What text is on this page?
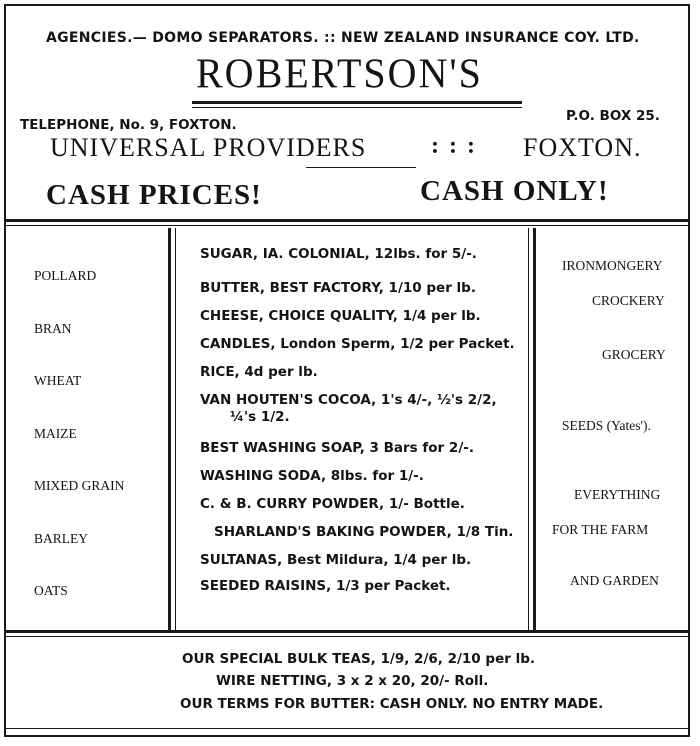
AGENCIES.— DOMO SEPARATORS. :: NEW ZEALAND INSURANCE COY. LTD.
ROBERTSON'S
TELEPHONE, No. 9, FOXTON.
P.O. BOX 25.
UNIVERSAL PROVIDERS	: : : FOXTON.
CASH PRICES!	CASH ONLY!
POLLARD
BRAN
WHEAT
MAIZE
MIXED GRAIN
BARLEY
OATS
SUGAR, IA. COLONIAL, 12lbs. for 5/-.
BUTTER, BEST FACTORY, 1/10 per lb.
CHEESE, CHOICE QUALITY, 1/4 per lb.
CANDLES, London Sperm, 1/2 per Packet.
RICE, 4d per lb.
VAN HOUTEN'S COCOA, 1's 4/-, ½'s 2/2,
¼'s 1/2.
BEST WASHING SOAP, 3 Bars for 2/-.
WASHING SODA, 8lbs. for 1/-.
C. & B. CURRY POWDER, 1/- Bottle.
SHARLAND'S BAKING POWDER, 1/8 Tin.
SULTANAS, Best Mildura, 1/4 per lb.
SEEDED RAISINS, 1/3 per Packet.
IRONMONGERY
CROCKERY
GROCERY
SEEDS (Yates').
EVERYTHING
FOR THE FARM
AND GARDEN
OUR SPECIAL BULK TEAS, 1/9, 2/6, 2/10 per lb.
WIRE NETTING, 3 x 2 x 20, 20/- Roll.
OUR TERMS FOR BUTTER: CASH ONLY. NO ENTRY MADE.
